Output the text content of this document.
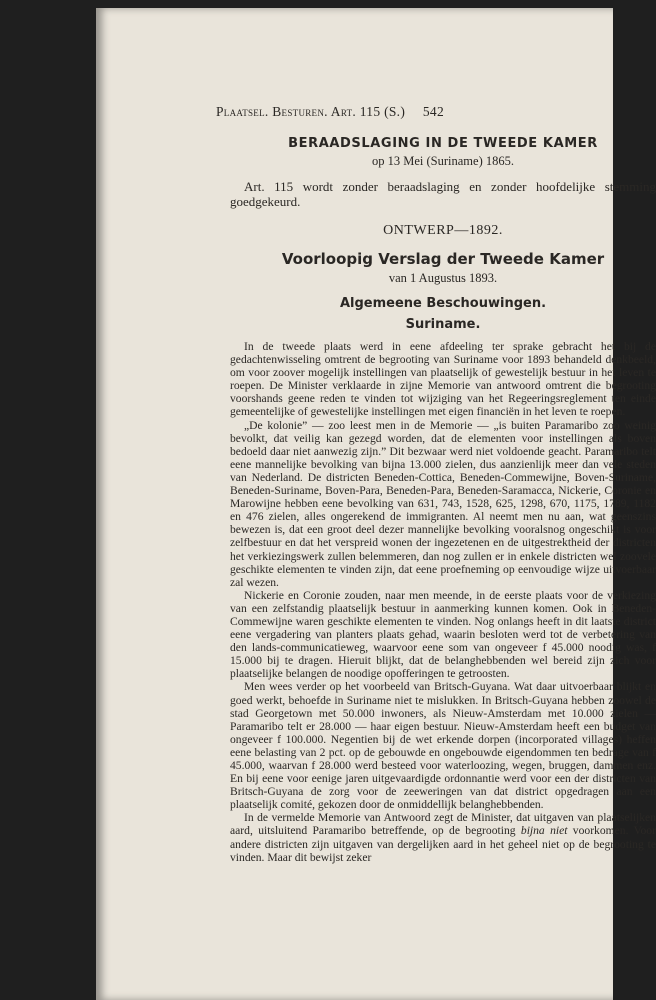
Plaatsel. Besturen. Art. 115 (S.) 542
BERAADSLAGING IN DE TWEEDE KAMER
op 13 Mei (Suriname) 1865.
Art. 115 wordt zonder beraadslaging en zonder hoofdelijke stemming goedgekeurd.
ONTWERP—1892.
Voorloopig Verslag der Tweede Kamer
van 1 Augustus 1893.
Algemeene Beschouwingen.
Suriname.

In de tweede plaats werd in eene afdeeling ter sprake gebracht het bij de gedachtenwisseling omtrent de begrooting van Suriname voor 1893 behandeld denkbeeld, om voor zoover mogelijk instellingen van plaatselijk of gewestelijk bestuur in het leven te roepen. De Minister verklaarde in zijne Memorie van antwoord omtrent die begrooting voorshands geene reden te vinden tot wijziging van het Regeeringsreglement ten einde gemeentelijke of gewestelijke instellingen met eigen financiën in het leven te roepen.

„De kolonie” — zoo leest men in de Memorie — „is buiten Paramaribo zoo weinig bevolkt, dat veilig kan gezegd worden, dat de elementen voor instellingen als boven bedoeld daar niet aanwezig zijn.” Dit bezwaar werd niet voldoende geacht. Paramaribo telt eene mannelijke bevolking van bijna 13.000 zielen, dus aanzienlijk meer dan vele steden van Nederland. De districten Beneden-Cottica, Beneden-Commewijne, Boven-Suriname, Beneden-Suriname, Boven-Para, Beneden-Para, Beneden-Saramacca, Nickerie, Coronie en Marowijne hebben eene bevolking van 631, 743, 1528, 625, 1298, 670, 1175, 1789, 1182 en 476 zielen, alles ongerekend de immigranten. Al neemt men nu aan, wat geenszins bewezen is, dat een groot deel dezer mannelijke bevolking vooralsnog ongeschikt is voor zelfbestuur en dat het verspreid wonen der ingezetenen en de uitgestrektheid der districten het verkiezingswerk zullen belemmeren, dan nog zullen er in enkele districten wel zoovele geschikte elementen te vinden zijn, dat eene proefneming op eenvoudige wijze uitvoerbaar zal wezen.

Nickerie en Coronie zouden, naar men meende, in de eerste plaats voor de verkiezing van een zelfstandig plaatselijk bestuur in aanmerking kunnen komen. Ook in Beneden-Commewijne waren geschikte elementen te vinden. Nog onlangs heeft in dit laatste district eene vergadering van planters plaats gehad, waarin besloten werd tot de verbetering van den lands-communicatieweg, waarvoor eene som van ongeveer f 45.000 noodig was, f 15.000 bij te dragen. Hieruit blijkt, dat de belanghebbenden wel bereid zijn zich voor plaatselijke belangen de noodige opofferingen te getroosten.

Men wees verder op het voorbeeld van Britsch-Guyana. Wat daar uitvoerbaar blijkt en goed werkt, behoefde in Suriname niet te mislukken. In Britsch-Guyana hebben zoowel de stad Georgetown met 50.000 inwoners, als Nieuw-Amsterdam met 10.000 zielen — Paramaribo telt er 28.000 — haar eigen bestuur. Nieuw-Amsterdam heeft een budget van ongeveer f 100.000. Negentien bij de wet erkende dorpen (incorporated villages) heffen eene belasting van 2 pct. op de gebouwde en ongebouwde eigendommen ten bedrage van f 45.000, waarvan f 28.000 werd besteed voor waterloozing, wegen, bruggen, dammen enz. En bij eene voor eenige jaren uitgevaardigde ordonnantie werd voor een der districten van Britsch-Guyana de zorg voor de zeeweringen van dat district opgedragen aan een plaatselijk comité, gekozen door de onmiddellijk belanghebbenden.

In de vermelde Memorie van Antwoord zegt de Minister, dat uitgaven van plaatselijken aard, uitsluitend Paramaribo betreffende, op de begrooting bijna niet voorkomen. Voor andere districten zijn uitgaven van dergelijken aard in het geheel niet op de begrooting te vinden. Maar dit bewijst zeker
